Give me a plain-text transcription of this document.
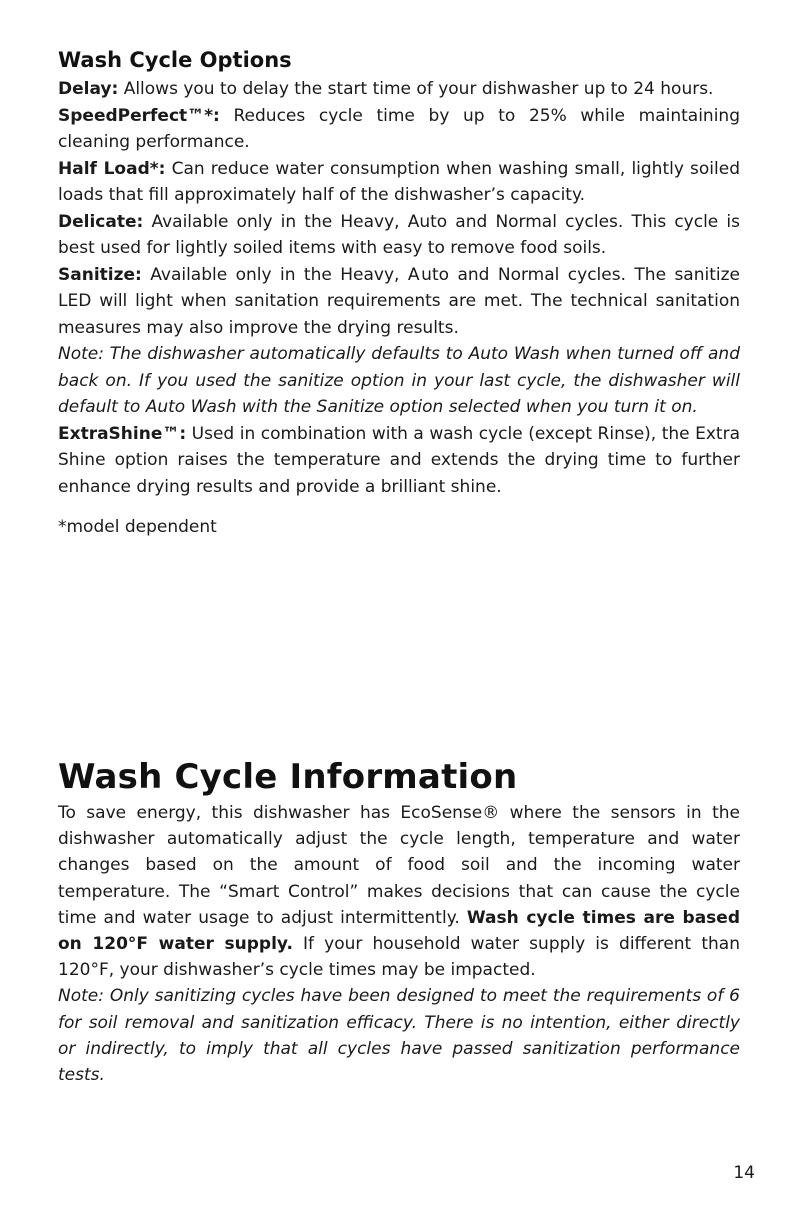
Wash Cycle Options

Delay: Allows you to delay the start time of your dishwasher up to 24 hours.

SpeedPerfect™*: Reduces cycle time by up to 25% while maintaining cleaning performance.

Half Load*: Can reduce water consumption when washing small, lightly soiled loads that fill approximately half of the dishwasher’s capacity.

Delicate: Available only in the Heavy, Auto and Normal cycles. This cycle is best used for lightly soiled items with easy to remove food soils.

Sanitize: Available only in the Heavy, A uto and Normal cycles. The sanitize LED will light when sanitation requirements are met. The technical sanitation measures may also improve the drying results.

Note: The dishwasher automatically defaults to Auto Wash when turned off and back on. If you used the sanitize option in your last cycle, the dishwasher will default to Auto Wash with the Sanitize option selected when you turn it on.

ExtraShine™: Used in combination with a wash cycle (except Rinse), the Extra Shine option raises the temperature and extends the drying time to further enhance drying results and provide a brilliant shine.

*model dependent

Wash Cycle Information

To save energy, this dishwasher has EcoSense® where the sensors in the dishwasher automatically adjust the cycle length, temperature and water changes based on the amount of food soil and the incoming water temperature. The “Smart Control” makes decisions that can cause the cycle time and water usage to adjust intermittently. Wash cycle times are based on 120°F water supply. If your household water supply is different than 120°F, your dishwasher’s cycle times may be impacted.

Note: Only sanitizing cycles have been designed to meet the requirements of 6 for soil removal and sanitization efficacy. There is no intention, either directly or indirectly, to imply that all cycles have passed sanitization performance tests.

14
